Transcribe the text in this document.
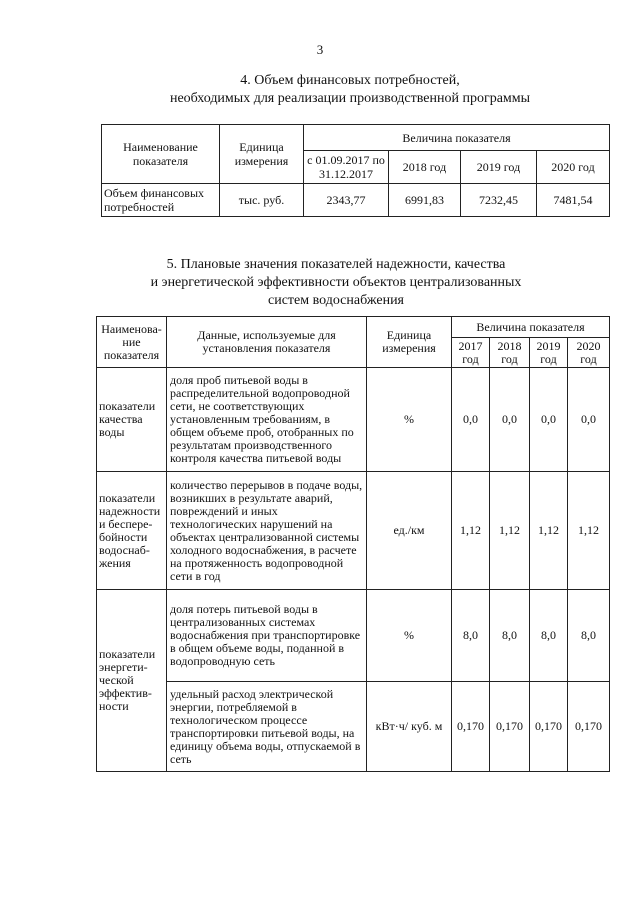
3
4. Объем финансовых потребностей,
необходимых для реализации производственной программы
Наименование показателя	Единица измерения	Величина показателя			
		с 01.09.2017 по 31.12.2017	2018 год	2019 год	2020 год
Объем финансовых потребностей	тыс. руб.	2343,77	6991,83	7232,45	7481,54
5. Плановые значения показателей надежности, качества
и энергетической эффективности объектов централизованных
систем водоснабжения
Наименова-ние показателя	Данные, используемые для установления показателя	Единица измерения	Величина показателя			
			2017 год	2018 год	2019 год	2020 год
показатели качества воды	доля проб питьевой воды в распределительной водопроводной сети, не соответствующих установленным требованиям, в общем объеме проб, отобранных по результатам производственного контроля качества питьевой воды	%	0,0	0,0	0,0	0,0
показатели надежности и беспере-бойности водоснаб-жения	количество перерывов в подаче воды, возникших в результате аварий, повреждений и иных технологических нарушений на объектах централизованной системы холодного водоснабжения, в расчете на протяженность водопроводной сети в год	ед./км	1,12	1,12	1,12	1,12
показатели энергети-ческой эффектив-ности	доля потерь питьевой воды в централизованных системах водоснабжения при транспортировке в общем объеме воды, поданной в водопроводную сеть	%	8,0	8,0	8,0	8,0
	удельный расход электрической энергии, потребляемой в технологическом процессе транспортировки питьевой воды, на единицу объема воды, отпускаемой в сеть	кВт·ч/ куб. м	0,170	0,170	0,170	0,170
